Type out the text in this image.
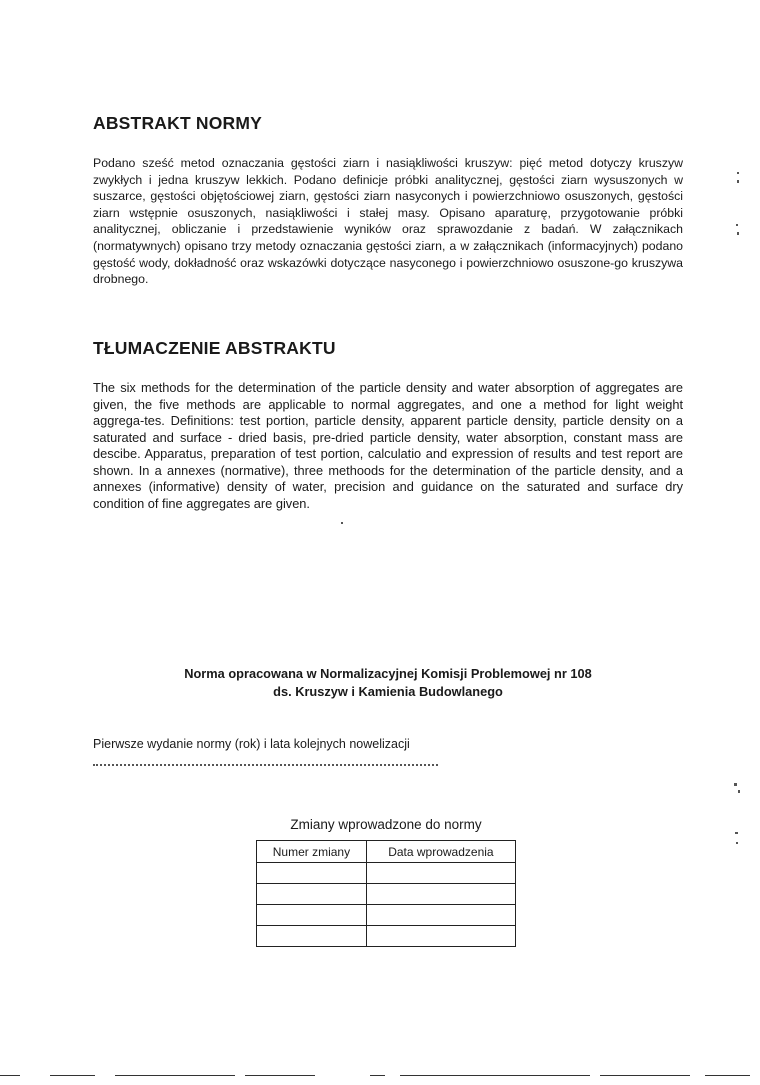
ABSTRAKT NORMY

Podano sześć metod oznaczania gęstości ziarn i nasiąkliwości kruszyw: pięć metod dotyczy kruszyw zwykłych i jedna kruszyw lekkich. Podano definicje próbki analitycznej, gęstości ziarn wysuszonych w suszarce, gęstości objętościowej ziarn, gęstości ziarn nasyconych i powierzchniowo osuszonych, gęstości ziarn wstępnie osuszonych, nasiąkliwości i stałej masy. Opisano aparaturę, przygotowanie próbki analitycznej, obliczanie i przedstawienie wyników oraz sprawozdanie z badań. W załącznikach (normatywnych) opisano trzy metody oznaczania gęstości ziarn, a w załącznikach (informacyjnych) podano gęstość wody, dokładność oraz wskazówki dotyczące nasyconego i powierzchniowo osuszone-go kruszywa drobnego.

TŁUMACZENIE ABSTRAKTU

The six methods for the determination of the particle density and water absorption of aggregates are given, the five methods are applicable to normal aggregates, and one a method for light weight aggrega-tes. Definitions: test portion, particle density, apparent particle density, particle density on a saturated and surface - dried basis, pre-dried particle density, water absorption, constant mass are descibe. Apparatus, preparation of test portion, calculatio and expression of results and test report are shown. In a annexes (normative), three methoods for the determination of the particle density, and a annexes (informative) density of water, precision and guidance on the saturated and surface dry condition of fine aggregates are given.

Norma opracowana w Normalizacyjnej Komisji Problemowej nr 108
ds. Kruszyw i Kamienia Budowlanego

Pierwsze wydanie normy (rok) i lata kolejnych nowelizacji

Zmiany wprowadzone do normy
Numer zmiany	Data wprowadzenia
